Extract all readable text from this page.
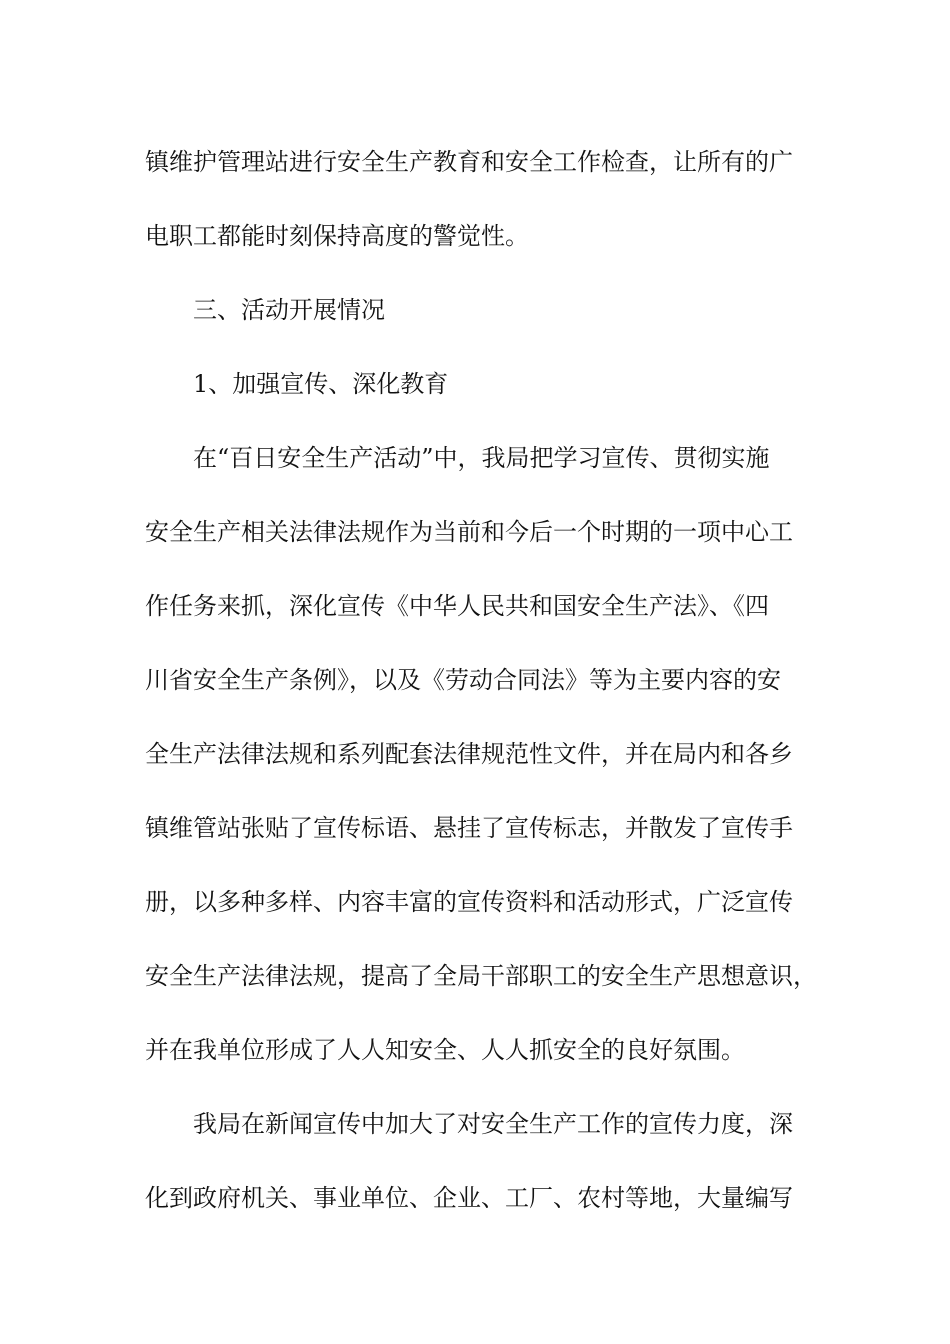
镇维护管理站进行安全生产教育和安全工作检查，让所有的广
电职工都能时刻保持高度的警觉性。
三、活动开展情况
1、加强宣传、深化教育
在“百日安全生产活动”中，我局把学习宣传、贯彻实施
安全生产相关法律法规作为当前和今后一个时期的一项中心工
作任务来抓，深化宣传《中华人民共和国安全生产法》、《四
川省安全生产条例》，以及《劳动合同法》等为主要内容的安
全生产法律法规和系列配套法律规范性文件，并在局内和各乡
镇维管站张贴了宣传标语、悬挂了宣传标志，并散发了宣传手
册，以多种多样、内容丰富的宣传资料和活动形式，广泛宣传
安全生产法律法规，提高了全局干部职工的安全生产思想意识，
并在我单位形成了人人知安全、人人抓安全的良好氛围。
我局在新闻宣传中加大了对安全生产工作的宣传力度，深
化到政府机关、事业单位、企业、工厂、农村等地，大量编写
